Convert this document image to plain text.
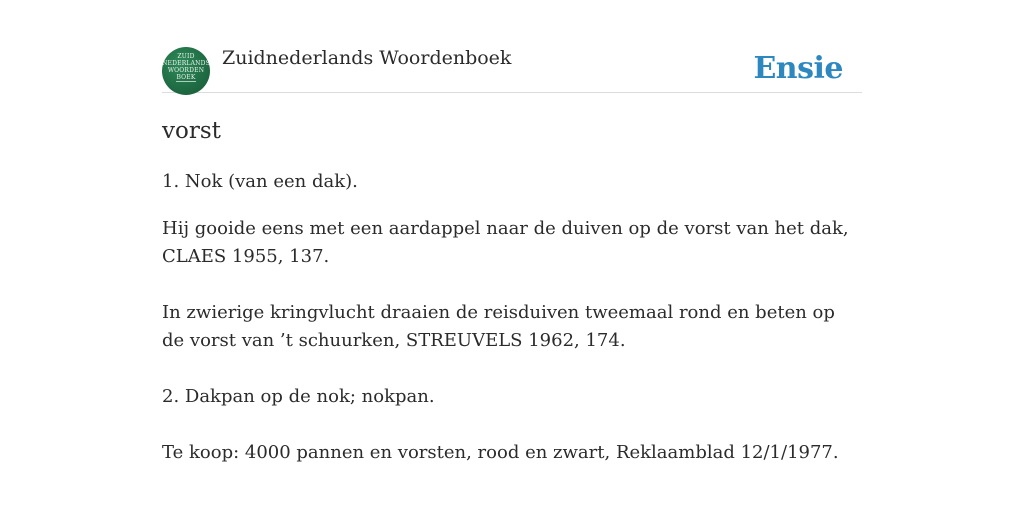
ZUID
NEDERLANDS
WOORDEN
BOEK
Zuidnederlands Woordenboek	Ensie
vorst
1. Nok (van een dak).
Hij gooide eens met een aardappel naar de duiven op de vorst van het dak, CLAES 1955, 137.
In zwierige kringvlucht draaien de reisduiven tweemaal rond en beten op de vorst van ’t schuurken, STREUVELS 1962, 174.
2. Dakpan op de nok; nokpan.
Te koop: 4000 pannen en vorsten, rood en zwart, Reklaamblad 12/1/1977.
